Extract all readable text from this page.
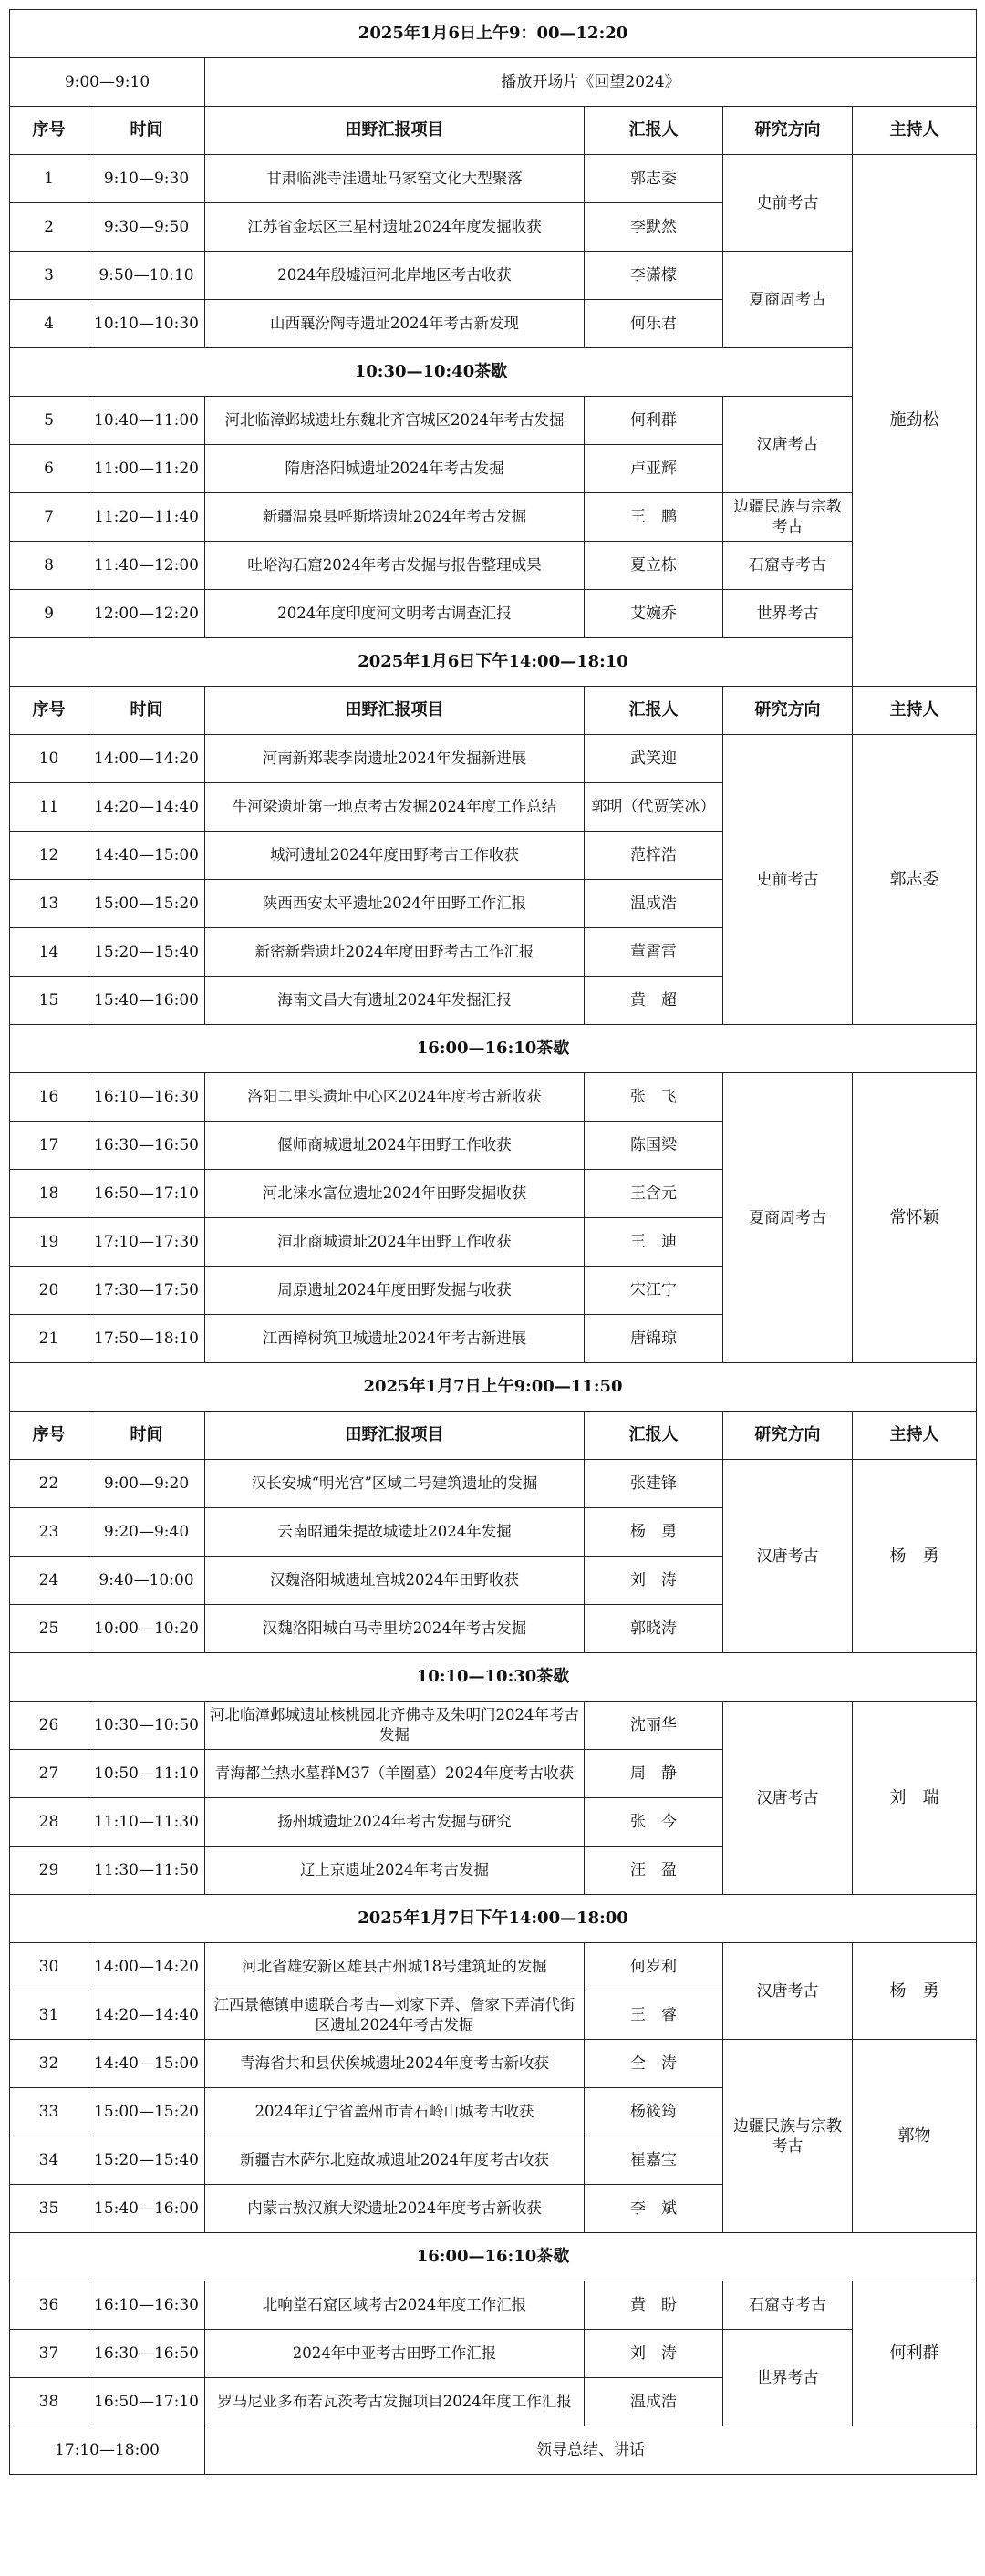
2025年1月6日上午9：00—12:20					
9:00—9:10		播放开场片《回望2024》			
序号	时间	田野汇报项目	汇报人	研究方向	主持人
1	9:10—9:30	甘肃临洮寺洼遗址马家窑文化大型聚落	郭志委	史前考古	施劲松
2	9:30—9:50	江苏省金坛区三星村遗址2024年度发掘收获	李默然		
3	9:50—10:10	2024年殷墟洹河北岸地区考古收获	李潇檬	夏商周考古	
4	10:10—10:30	山西襄汾陶寺遗址2024年考古新发现	何乐君		
10:30—10:40茶歇					
5	10:40—11:00	河北临漳邺城遗址东魏北齐宫城区2024年考古发掘	何利群	汉唐考古	
6	11:00—11:20	隋唐洛阳城遗址2024年考古发掘	卢亚辉		
7	11:20—11:40	新疆温泉县呼斯塔遗址2024年考古发掘	王　鹏	边疆民族与宗教考古	
8	11:40—12:00	吐峪沟石窟2024年考古发掘与报告整理成果	夏立栋	石窟寺考古	
9	12:00—12:20	2024年度印度河文明考古调查汇报	艾婉乔	世界考古	
2025年1月6日下午14:00—18:10					
序号	时间	田野汇报项目	汇报人	研究方向	主持人
10	14:00—14:20	河南新郑裴李岗遗址2024年发掘新进展	武笑迎	史前考古	郭志委
11	14:20—14:40	牛河梁遗址第一地点考古发掘2024年度工作总结	郭明（代贾笑冰）		
12	14:40—15:00	城河遗址2024年度田野考古工作收获	范梓浩		
13	15:00—15:20	陕西西安太平遗址2024年田野工作汇报	温成浩		
14	15:20—15:40	新密新砦遗址2024年度田野考古工作汇报	董霄雷		
15	15:40—16:00	海南文昌大有遗址2024年发掘汇报	黄　超		
16:00—16:10茶歇					
16	16:10—16:30	洛阳二里头遗址中心区2024年度考古新收获	张　飞	夏商周考古	常怀颖
17	16:30—16:50	偃师商城遗址2024年田野工作收获	陈国梁		
18	16:50—17:10	河北涞水富位遗址2024年田野发掘收获	王含元		
19	17:10—17:30	洹北商城遗址2024年田野工作收获	王　迪		
20	17:30—17:50	周原遗址2024年度田野发掘与收获	宋江宁		
21	17:50—18:10	江西樟树筑卫城遗址2024年考古新进展	唐锦琼		
2025年1月7日上午9:00—11:50					
序号	时间	田野汇报项目	汇报人	研究方向	主持人
22	9:00—9:20	汉长安城“明光宫”区域二号建筑遗址的发掘	张建锋	汉唐考古	杨　勇
23	9:20—9:40	云南昭通朱提故城遗址2024年发掘	杨　勇		
24	9:40—10:00	汉魏洛阳城遗址宫城2024年田野收获	刘　涛		
25	10:00—10:20	汉魏洛阳城白马寺里坊2024年考古发掘	郭晓涛		
10:10—10:30茶歇					
26	10:30—10:50	河北临漳邺城遗址核桃园北齐佛寺及朱明门2024年考古发掘	沈丽华	汉唐考古	刘　瑞
27	10:50—11:10	青海都兰热水墓群M37（羊圈墓）2024年度考古收获	周　静		
28	11:10—11:30	扬州城遗址2024年考古发掘与研究	张　今		
29	11:30—11:50	辽上京遗址2024年考古发掘	汪　盈		
2025年1月7日下午14:00—18:00					
30	14:00—14:20	河北省雄安新区雄县古州城18号建筑址的发掘	何岁利	汉唐考古	杨　勇
31	14:20—14:40	江西景德镇申遗联合考古—刘家下弄、詹家下弄清代街区遗址2024年考古发掘	王　睿		
32	14:40—15:00	青海省共和县伏俟城遗址2024年度考古新收获	仝　涛	边疆民族与宗教考古	郭物
33	15:00—15:20	2024年辽宁省盖州市青石岭山城考古收获	杨筱筠		
34	15:20—15:40	新疆吉木萨尔北庭故城遗址2024年度考古收获	崔嘉宝		
35	15:40—16:00	内蒙古敖汉旗大梁遗址2024年度考古新收获	李　斌		
16:00—16:10茶歇					
36	16:10—16:30	北响堂石窟区域考古2024年度工作汇报	黄　盼	石窟寺考古	何利群
37	16:30—16:50	2024年中亚考古田野工作汇报	刘　涛	世界考古	
38	16:50—17:10	罗马尼亚多布若瓦茨考古发掘项目2024年度工作汇报	温成浩		
17:10—18:00		领导总结、讲话			
